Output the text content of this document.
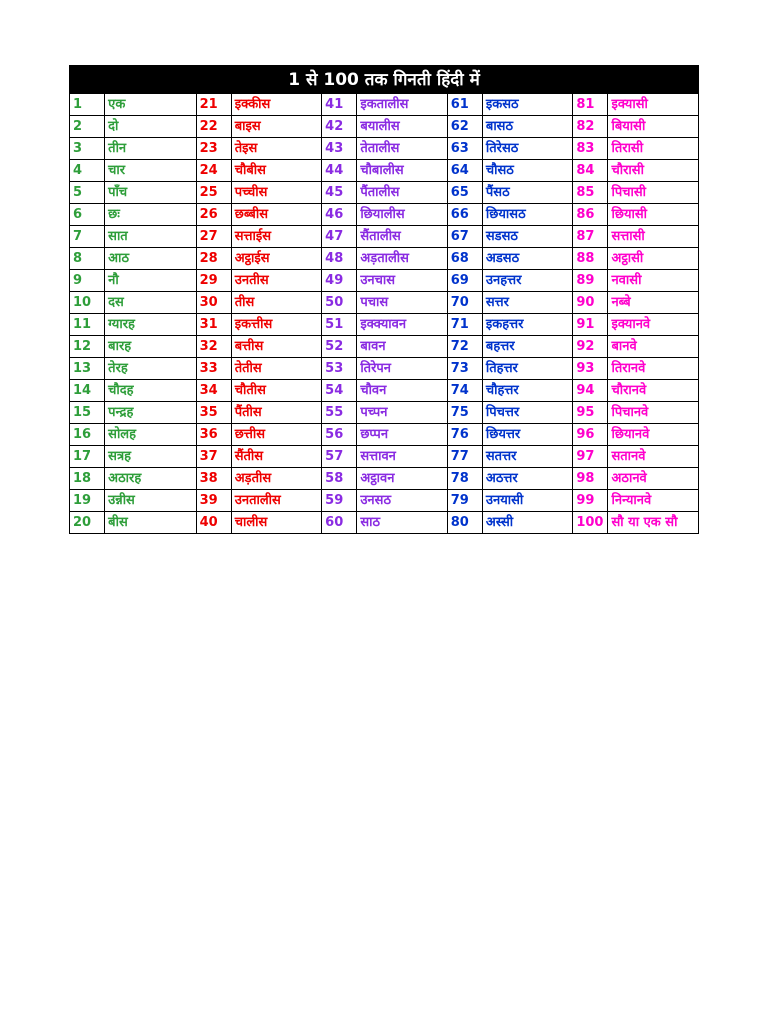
1 से 100 तक गिनती हिंदी में
1	एक	21	इक्कीस	41	इकतालीस	61	इकसठ	81	इक्यासी
2	दो	22	बाइस	42	बयालीस	62	बासठ	82	बियासी
3	तीन	23	तेइस	43	तेतालीस	63	तिरेसठ	83	तिरासी
4	चार	24	चौबीस	44	चौबालीस	64	चौसठ	84	चौरासी
5	पाँच	25	पच्चीस	45	पैंतालीस	65	पैंसठ	85	पिचासी
6	छः	26	छब्बीस	46	छियालीस	66	छियासठ	86	छियासी
7	सात	27	सत्ताईस	47	सैंतालीस	67	सडसठ	87	सत्तासी
8	आठ	28	अट्ठाईस	48	अड़तालीस	68	अडसठ	88	अट्ठासी
9	नौ	29	उनतीस	49	उनचास	69	उनहत्तर	89	नवासी
10	दस	30	तीस	50	पचास	70	सत्तर	90	नब्बे
11	ग्यारह	31	इकत्तीस	51	इक्क्यावन	71	इकहत्तर	91	इक्यानवे
12	बारह	32	बत्तीस	52	बावन	72	बहत्तर	92	बानवे
13	तेरह	33	तेतीस	53	तिरेपन	73	तिहत्तर	93	तिरानवे
14	चौदह	34	चौतीस	54	चौवन	74	चौहत्तर	94	चौरानवे
15	पन्द्रह	35	पैंतीस	55	पच्पन	75	पिचत्तर	95	पिचानवे
16	सोलह	36	छत्तीस	56	छप्पन	76	छियत्तर	96	छियानवे
17	सत्रह	37	सैंतीस	57	सत्तावन	77	सतत्तर	97	सतानवे
18	अठारह	38	अड़तीस	58	अट्ठावन	78	अठत्तर	98	अठानवे
19	उन्नीस	39	उनतालीस	59	उनसठ	79	उनयासी	99	निन्यानवे
20	बीस	40	चालीस	60	साठ	80	अस्सी	100	सौ या एक सौ
